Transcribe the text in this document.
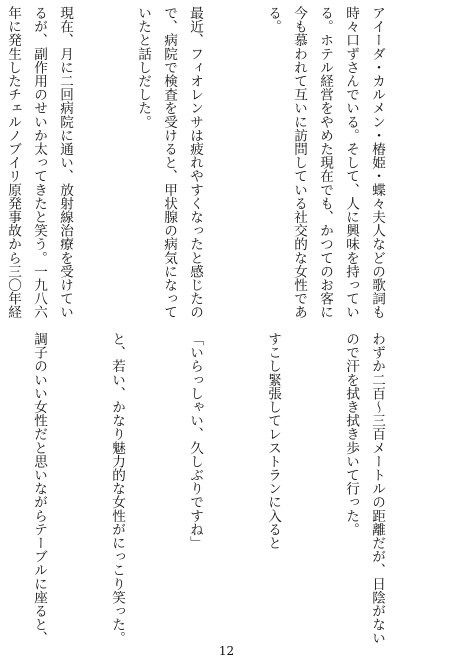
アイーダ・カルメン・椿姫・蝶々夫人などの歌詞も時々口ずさんでいる。そして、人に興味を持っている。ホテル経営をやめた現在でも、かつてのお客に今も慕われて互いに訪問している社交的な女性である。

最近、フィオレンサは疲れやすくなったと感じたので、病院で検査を受けると、甲状腺の病気になっていたと話しだした。

現在、月に二回病院に通い、放射線治療を受けているが、副作用のせいか太ってきたと笑う。一九八六年に発生したチェルノブイリ原発事故から三〇年経

わずか二百〜三百メートルの距離だが、日陰がないので汗を拭き拭き歩いて行った。

すこし緊張してレストランに入ると

「いらっしゃい、久しぶりですね」

と、若い、かなり魅力的な女性がにっこり笑った。

調子のいい女性だと思いながらテーブルに座ると、

12
